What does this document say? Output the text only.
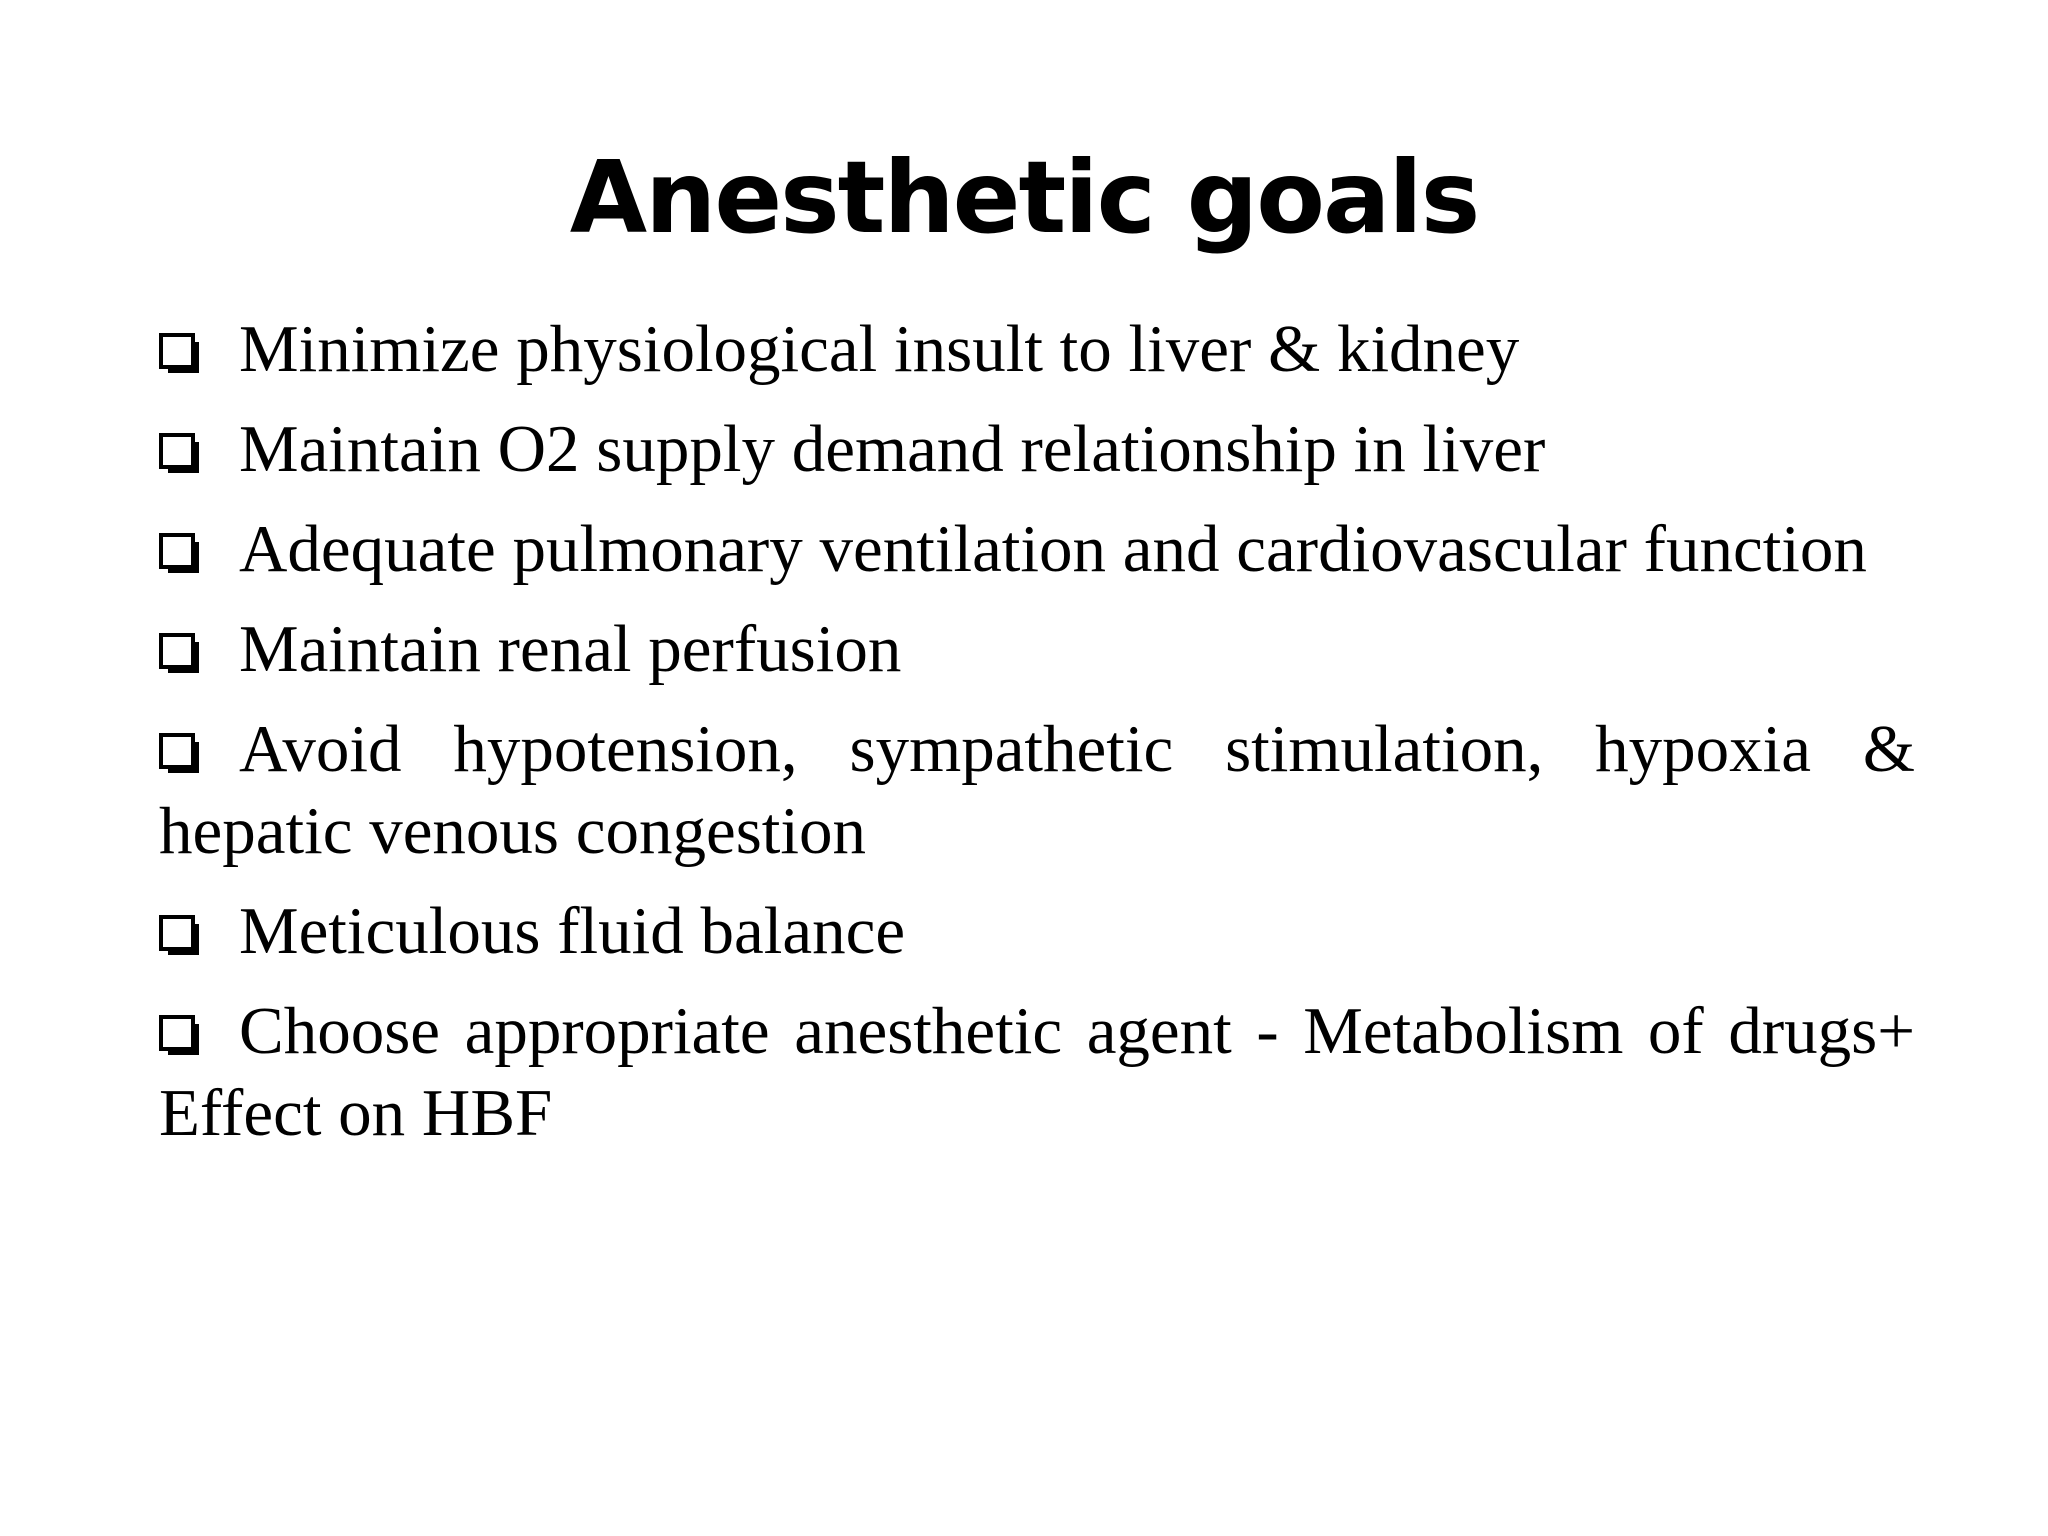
Anesthetic goals
Minimize physiological insult to liver & kidney
Maintain O2 supply demand relationship in liver
Adequate pulmonary ventilation and cardiovascular function
Maintain renal perfusion
Avoid hypotension, sympathetic stimulation, hypoxia & hepatic venous congestion
Meticulous fluid balance
Choose appropriate anesthetic agent - Metabolism of drugs+ Effect on HBF
